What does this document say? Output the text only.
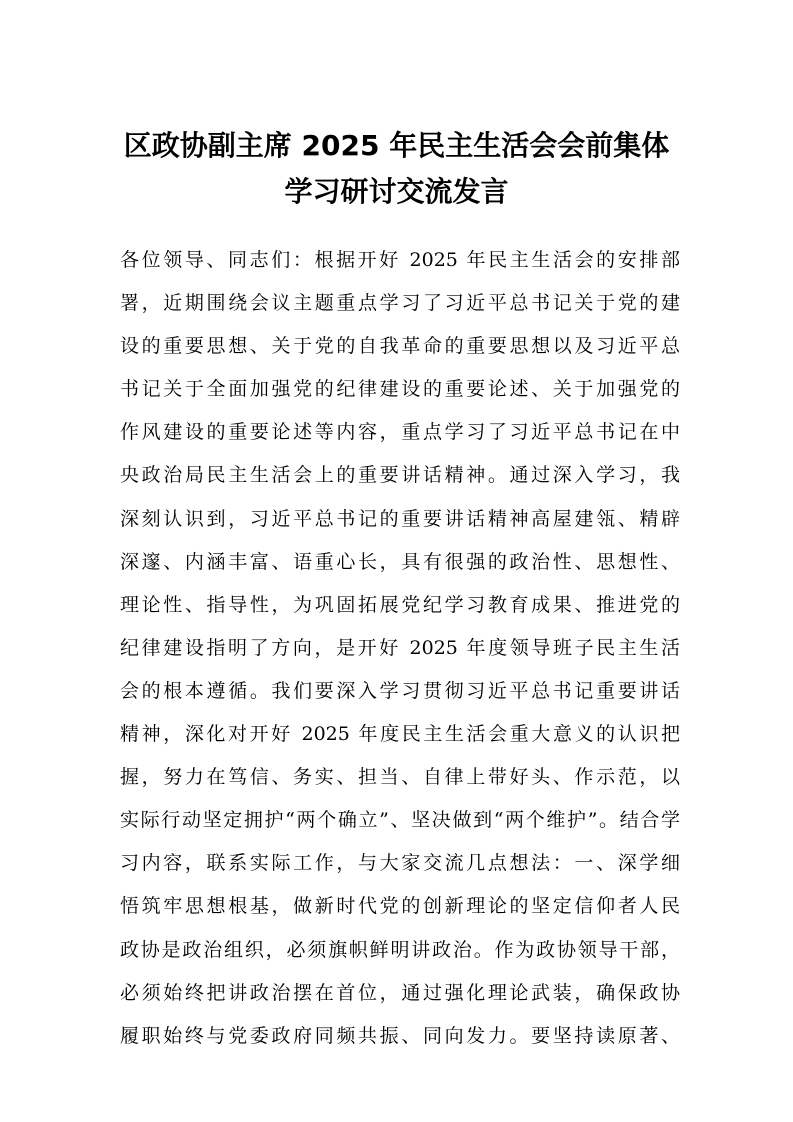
区政协副主席 2025 年民主生活会会前集体
学习研讨交流发言
各位领导、同志们：根据开好 2025 年民主生活会的安排部
署，近期围绕会议主题重点学习了习近平总书记关于党的建
设的重要思想、关于党的自我革命的重要思想以及习近平总
书记关于全面加强党的纪律建设的重要论述、关于加强党的
作风建设的重要论述等内容，重点学习了习近平总书记在中
央政治局民主生活会上的重要讲话精神。通过深入学习，我
深刻认识到，习近平总书记的重要讲话精神高屋建瓴、精辟
深邃、内涵丰富、语重心长，具有很强的政治性、思想性、
理论性、指导性，为巩固拓展党纪学习教育成果、推进党的
纪律建设指明了方向，是开好 2025 年度领导班子民主生活
会的根本遵循。我们要深入学习贯彻习近平总书记重要讲话
精神，深化对开好 2025 年度民主生活会重大意义的认识把
握，努力在笃信、务实、担当、自律上带好头、作示范，以
实际行动坚定拥护“两个确立”、坚决做到“两个维护”。结合学
习内容，联系实际工作，与大家交流几点想法：一、深学细
悟筑牢思想根基，做新时代党的创新理论的坚定信仰者人民
政协是政治组织，必须旗帜鲜明讲政治。作为政协领导干部，
必须始终把讲政治摆在首位，通过强化理论武装，确保政协
履职始终与党委政府同频共振、同向发力。要坚持读原著、
